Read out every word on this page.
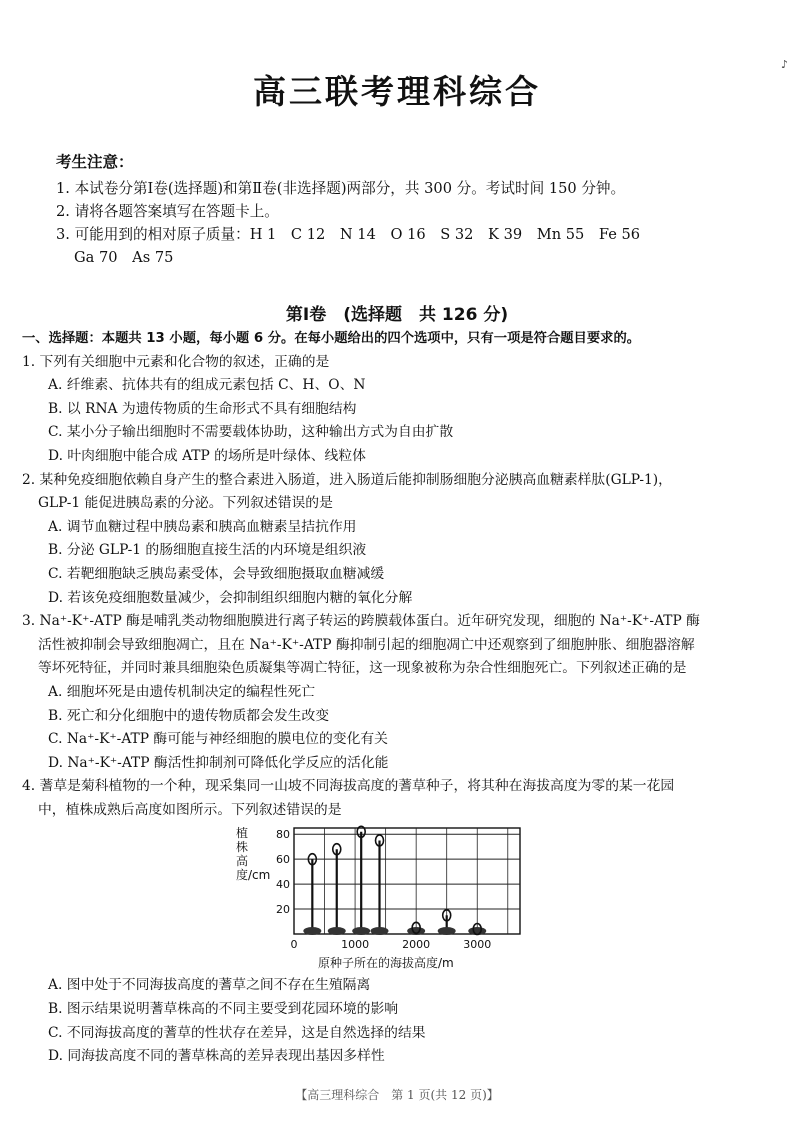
♪
高三联考理科综合
考生注意：
1. 本试卷分第Ⅰ卷(选择题)和第Ⅱ卷(非选择题)两部分，共 300 分。考试时间 150 分钟。
2. 请将各题答案填写在答题卡上。
3. 可能用到的相对原子质量：H 1　C 12　N 14　O 16　S 32　K 39　Mn 55　Fe 56
Ga 70　As 75
第Ⅰ卷　(选择题　共 126 分)
一、选择题：本题共 13 小题，每小题 6 分。在每小题给出的四个选项中，只有一项是符合题目要求的。
1. 下列有关细胞中元素和化合物的叙述，正确的是
A. 纤维素、抗体共有的组成元素包括 C、H、O、N
B. 以 RNA 为遗传物质的生命形式不具有细胞结构
C. 某小分子输出细胞时不需要载体协助，这种输出方式为自由扩散
D. 叶肉细胞中能合成 ATP 的场所是叶绿体、线粒体
2. 某种免疫细胞依赖自身产生的整合素进入肠道，进入肠道后能抑制肠细胞分泌胰高血糖素样肽(GLP-1)，
GLP-1 能促进胰岛素的分泌。下列叙述错误的是
A. 调节血糖过程中胰岛素和胰高血糖素呈拮抗作用
B. 分泌 GLP-1 的肠细胞直接生活的内环境是组织液
C. 若靶细胞缺乏胰岛素受体，会导致细胞摄取血糖减缓
D. 若该免疫细胞数量减少，会抑制组织细胞内糖的氧化分解
3. Na⁺-K⁺-ATP 酶是哺乳类动物细胞膜进行离子转运的跨膜载体蛋白。近年研究发现，细胞的 Na⁺-K⁺-ATP 酶
活性被抑制会导致细胞凋亡，且在 Na⁺-K⁺-ATP 酶抑制引起的细胞凋亡中还观察到了细胞肿胀、细胞器溶解
等坏死特征，并同时兼具细胞染色质凝集等凋亡特征，这一现象被称为杂合性细胞死亡。下列叙述正确的是
A. 细胞坏死是由遗传机制决定的编程性死亡
B. 死亡和分化细胞中的遗传物质都会发生改变
C. Na⁺-K⁺-ATP 酶可能与神经细胞的膜电位的变化有关
D. Na⁺-K⁺-ATP 酶活性抑制剂可降低化学反应的活化能
4. 蓍草是菊科植物的一个种，现采集同一山坡不同海拔高度的蓍草种子，将其种在海拔高度为零的某一花园
中，植株成熟后高度如图所示。下列叙述错误的是
植株高度/cm
20
40
60
80
0	1000	2000	3000
原种子所在的海拔高度/m
A. 图中处于不同海拔高度的蓍草之间不存在生殖隔离
B. 图示结果说明蓍草株高的不同主要受到花园环境的影响
C. 不同海拔高度的蓍草的性状存在差异，这是自然选择的结果
D. 同海拔高度不同的蓍草株高的差异表现出基因多样性
【高三理科综合　第 1 页(共 12 页)】
